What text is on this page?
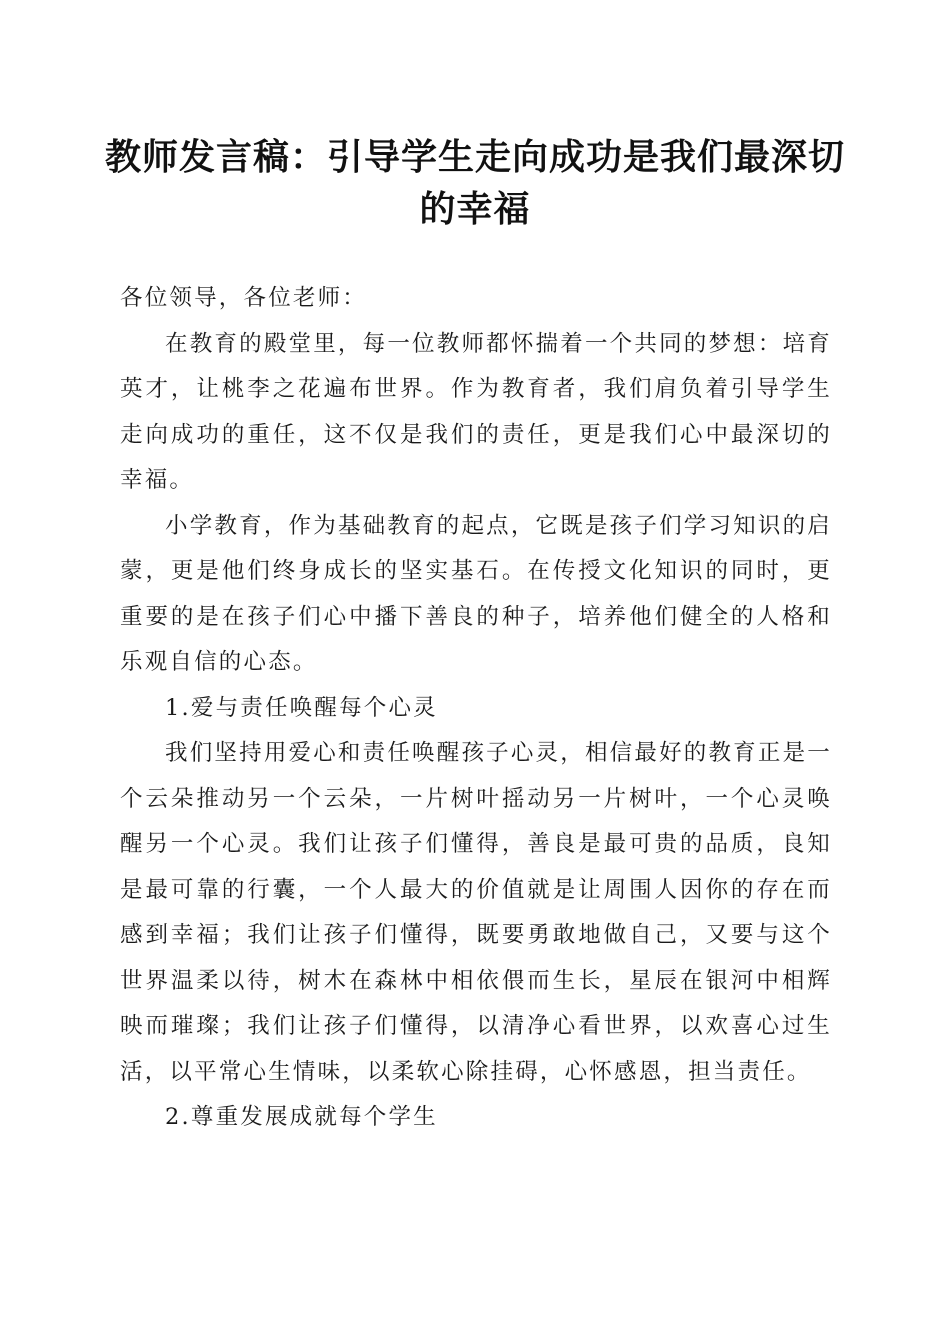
教师发言稿：引导学生走向成功是我们最深切
的幸福

各位领导，各位老师：

在教育的殿堂里，每一位教师都怀揣着一个共同的梦想：培育英才，让桃李之花遍布世界。作为教育者，我们肩负着引导学生走向成功的重任，这不仅是我们的责任，更是我们心中最深切的幸福。

小学教育，作为基础教育的起点，它既是孩子们学习知识的启蒙，更是他们终身成长的坚实基石。在传授文化知识的同时，更重要的是在孩子们心中播下善良的种子，培养他们健全的人格和乐观自信的心态。

1.爱与责任唤醒每个心灵

我们坚持用爱心和责任唤醒孩子心灵，相信最好的教育正是一个云朵推动另一个云朵，一片树叶摇动另一片树叶，一个心灵唤醒另一个心灵。我们让孩子们懂得，善良是最可贵的品质，良知是最可靠的行囊，一个人最大的价值就是让周围人因你的存在而感到幸福；我们让孩子们懂得，既要勇敢地做自己，又要与这个世界温柔以待，树木在森林中相依偎而生长，星辰在银河中相辉映而璀璨；我们让孩子们懂得，以清净心看世界，以欢喜心过生活，以平常心生情味，以柔软心除挂碍，心怀感恩，担当责任。

2.尊重发展成就每个学生
